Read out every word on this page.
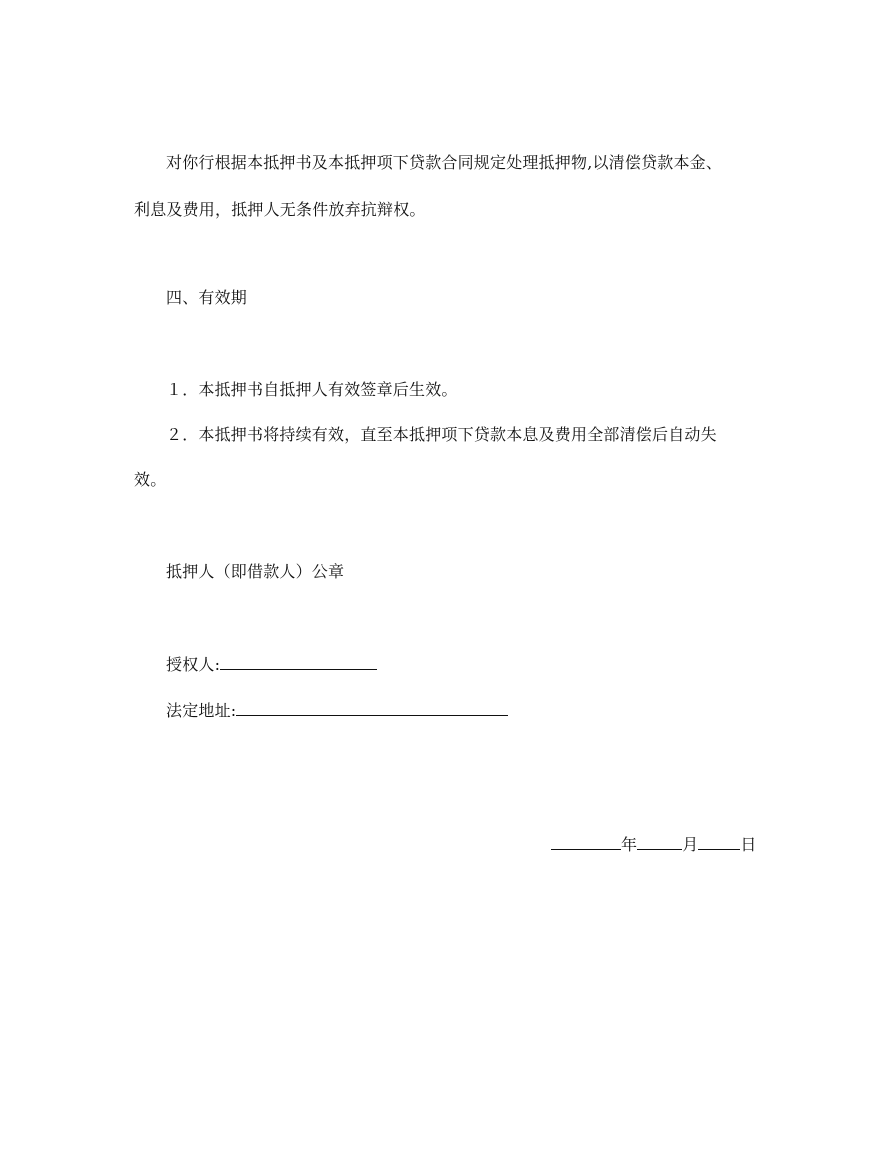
对你行根据本抵押书及本抵押项下贷款合同规定处理抵押物,以清偿贷款本金、
利息及费用，抵押人无条件放弃抗辩权。
四、有效期
１．本抵押书自抵押人有效签章后生效。
２．本抵押书将持续有效，直至本抵押项下贷款本息及费用全部清偿后自动失
效。
抵押人（即借款人）公章
授权人:
法定地址:
年	月	日
